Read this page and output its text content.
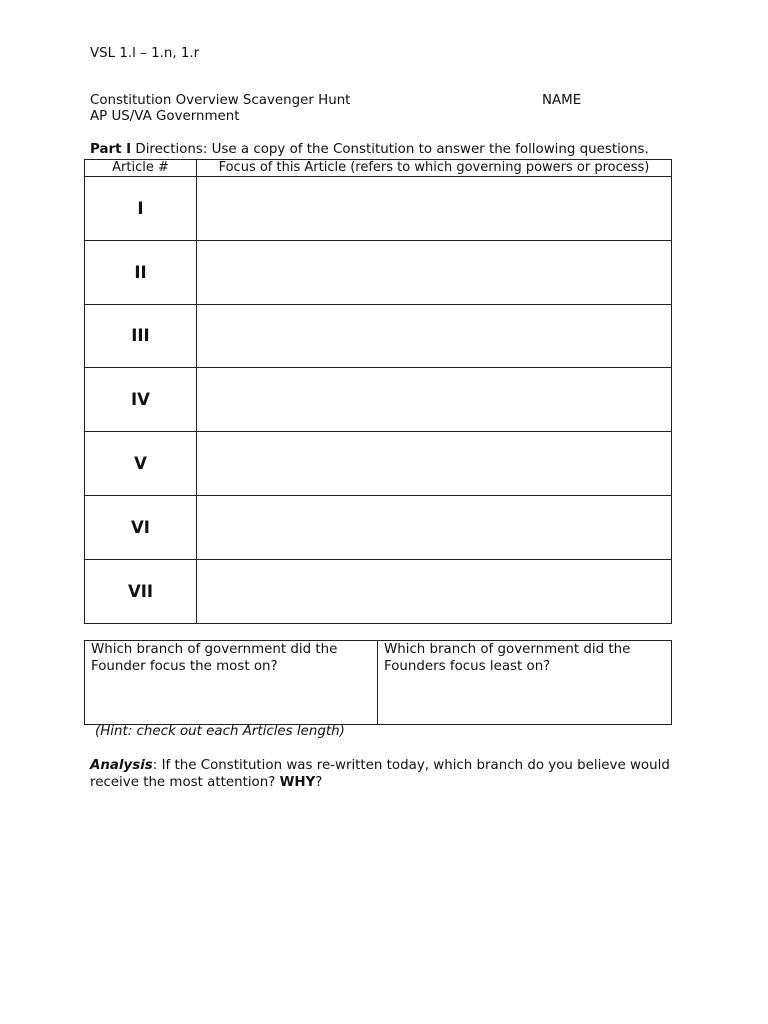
VSL 1.l – 1.n, 1.r
Constitution Overview Scavenger Hunt	NAME
AP US/VA Government
Part I Directions: Use a copy of the Constitution to answer the following questions.
Article #	Focus of this Article (refers to which governing powers or process)
I	
II	
III	
IV	
V	
VI	
VII	
Which branch of government did the Founder focus the most on?	Which branch of government did the Founders focus least on?
(Hint: check out each Articles length)
Analysis: If the Constitution was re-written today, which branch do you believe would receive the most attention? WHY?
